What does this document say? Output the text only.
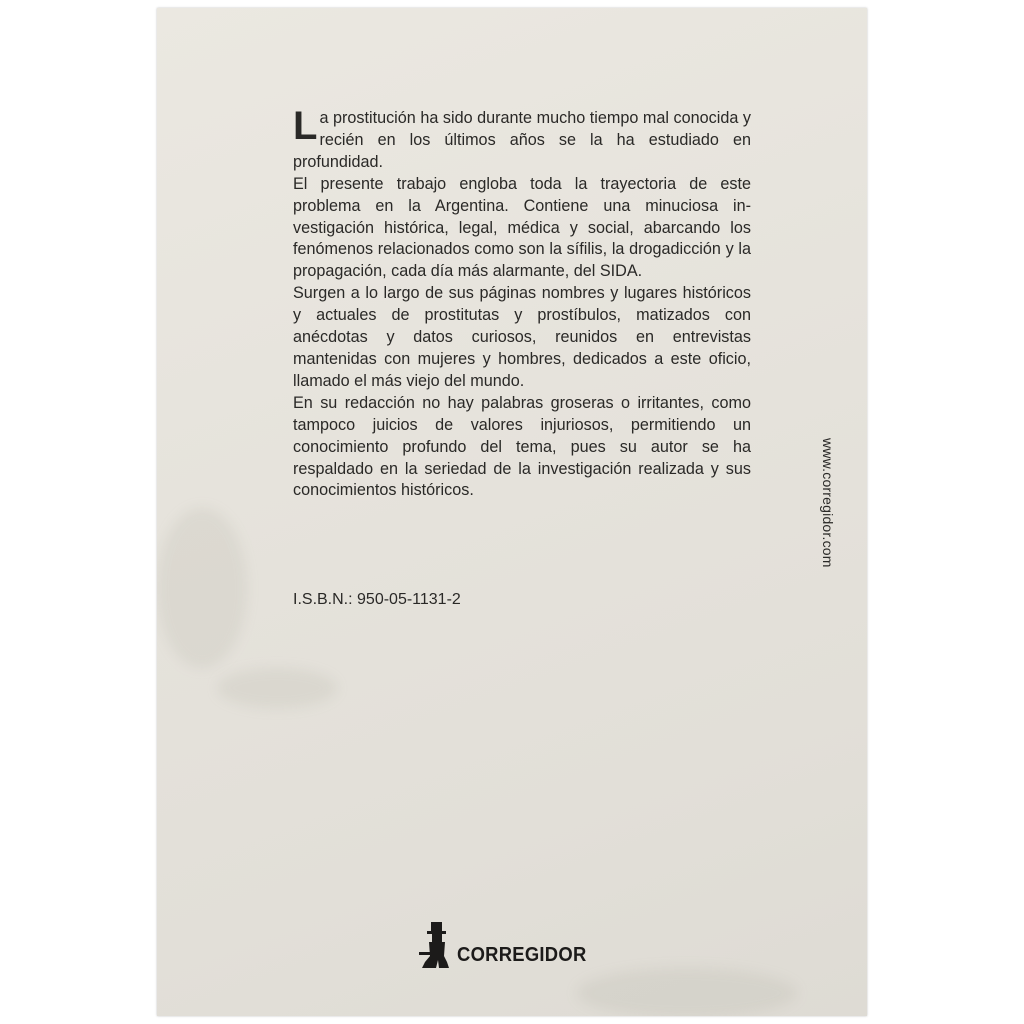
La prostitución ha sido durante mucho tiempo mal conocida y recién en los últimos años se la ha estudiado en profundidad.

El presente trabajo engloba toda la trayectoria de este problema en la Argentina. Contiene una minuciosa investigación histórica, legal, médica y social, abarcando los fenómenos relacionados como son la sífilis, la drogadicción y la propagación, cada día más alarmante, del SIDA.

Surgen a lo largo de sus páginas nombres y lugares históricos y actuales de prostitutas y prostíbulos, matizados con anécdotas y datos curiosos, reunidos en entrevistas mantenidas con mujeres y hombres, dedicados a este oficio, llamado el más viejo del mundo.

En su redacción no hay palabras groseras o irritantes, como tampoco juicios de valores injuriosos, permitiendo un conocimiento profundo del tema, pues su autor se ha respaldado en la seriedad de la investigación realizada y sus conocimientos históricos.

I.S.B.N.: 950-05-1131-2

www.corregidor.com
CORREGIDOR
